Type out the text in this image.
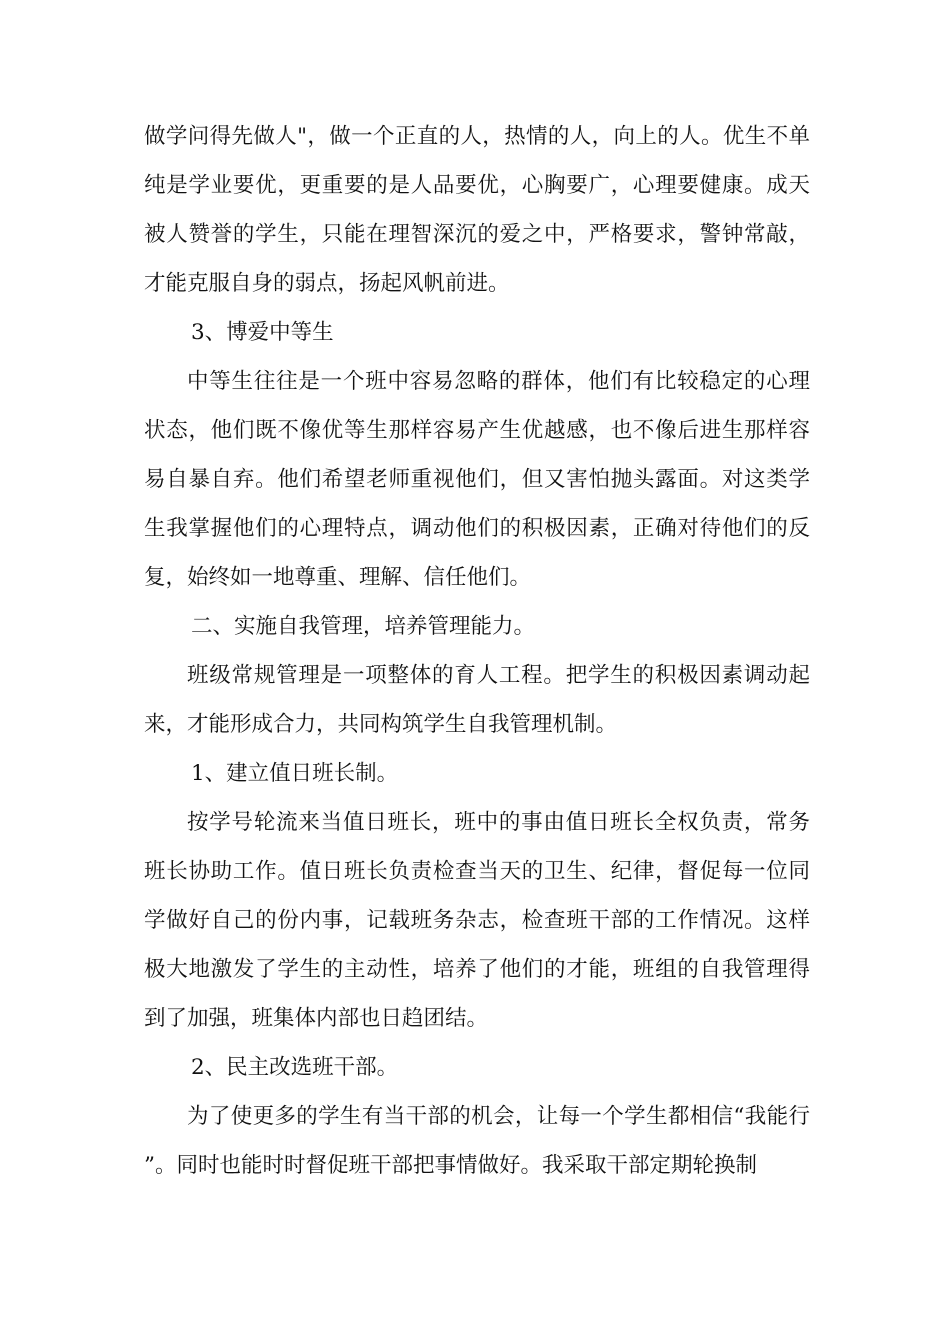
做学问得先做人"，做一个正直的人，热情的人，向上的人。优生不单纯是学业要优，更重要的是人品要优，心胸要广，心理要健康。成天被人赞誉的学生，只能在理智深沉的爱之中，严格要求，警钟常敲，才能克服自身的弱点，扬起风帆前进。

3、博爱中等生

中等生往往是一个班中容易忽略的群体，他们有比较稳定的心理状态，他们既不像优等生那样容易产生优越感，也不像后进生那样容易自暴自弃。他们希望老师重视他们，但又害怕抛头露面。对这类学生我掌握他们的心理特点，调动他们的积极因素，正确对待他们的反复，始终如一地尊重、理解、信任他们。

二、实施自我管理，培养管理能力。

班级常规管理是一项整体的育人工程。把学生的积极因素调动起来，才能形成合力，共同构筑学生自我管理机制。

1、建立值日班长制。

按学号轮流来当值日班长，班中的事由值日班长全权负责，常务班长协助工作。值日班长负责检查当天的卫生、纪律，督促每一位同学做好自己的份内事，记载班务杂志，检查班干部的工作情况。这样极大地激发了学生的主动性，培养了他们的才能，班组的自我管理得到了加强，班集体内部也日趋团结。

2、民主改选班干部。

为了使更多的学生有当干部的机会，让每一个学生都相信“我能行”。同时也能时时督促班干部把事情做好。我采取干部定期轮换制
